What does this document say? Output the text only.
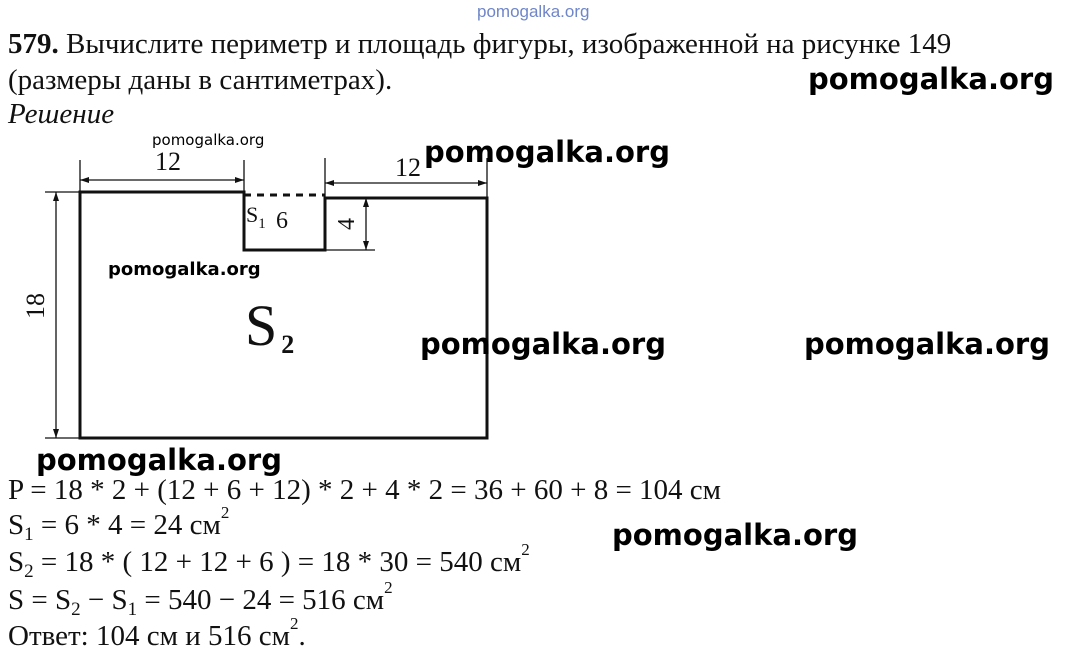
pomogalka.org
579. Вычислите периметр и площадь фигуры, изображенной на рисунке 149 (размеры даны в сантиметрах).	pomogalka.org
Решение
12	12
4
$S_1$ 6
18	S 2
pomogalka.org	pomogalka.org
pomogalka.org
pomogalka.org	pomogalka.org
pomogalka.org
pomogalka.org
P = 18 * 2 + (12 + 6 + 12) * 2 + 4 * 2 = 36 + 60 + 8 = 104 см
$S_1 = 6 * 4 = 24$ $см^2$
$S_2 = 18$ * ( 12 + 12 + 6 ) = 18 * 30 = 540 $см^2$
$S = S_2 - S_1 = 540 - 24 = 516$ $см^2$
Ответ: 104 см и 516 $см^2$.
